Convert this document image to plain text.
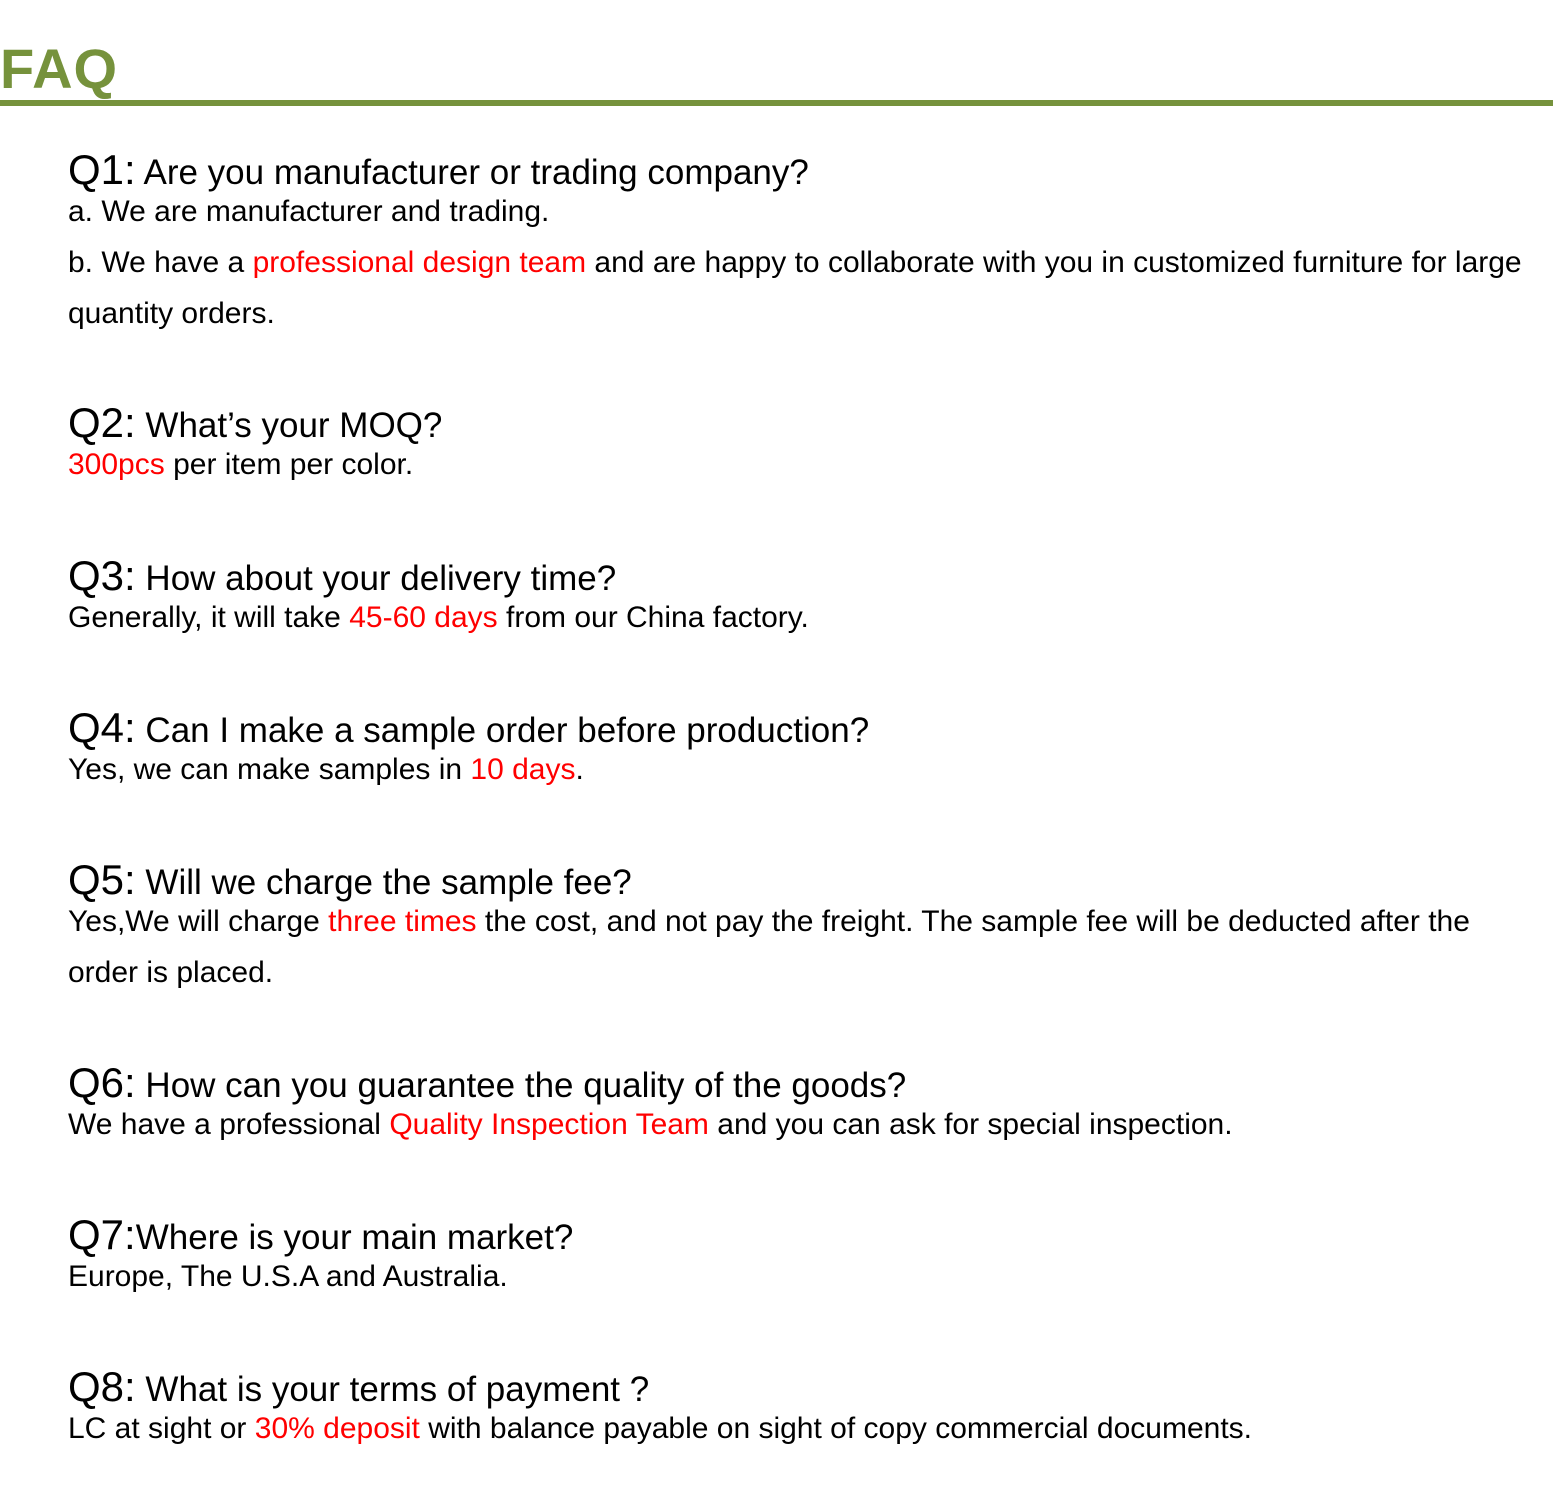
FAQ
Q1: Are you manufacturer or trading company?

a. We are manufacturer and trading.

b. We have a professional design team and are happy to collaborate with you in customized furniture for large quantity orders.

Q2: What’s your MOQ?

300pcs per item per color.

Q3: How about your delivery time?

Generally, it will take 45-60 days from our China factory.

Q4: Can I make a sample order before production?

Yes, we can make samples in 10 days.

Q5: Will we charge the sample fee?

Yes,We will charge three times the cost, and not pay the freight. The sample fee will be deducted after the order is placed.

Q6: How can you guarantee the quality of the goods?

We have a professional Quality Inspection Team and you can ask for special inspection.

Q7:Where is your main market?

Europe, The U.S.A and Australia.

Q8: What is your terms of payment ?

LC at sight or 30% deposit with balance payable on sight of copy commercial documents.
